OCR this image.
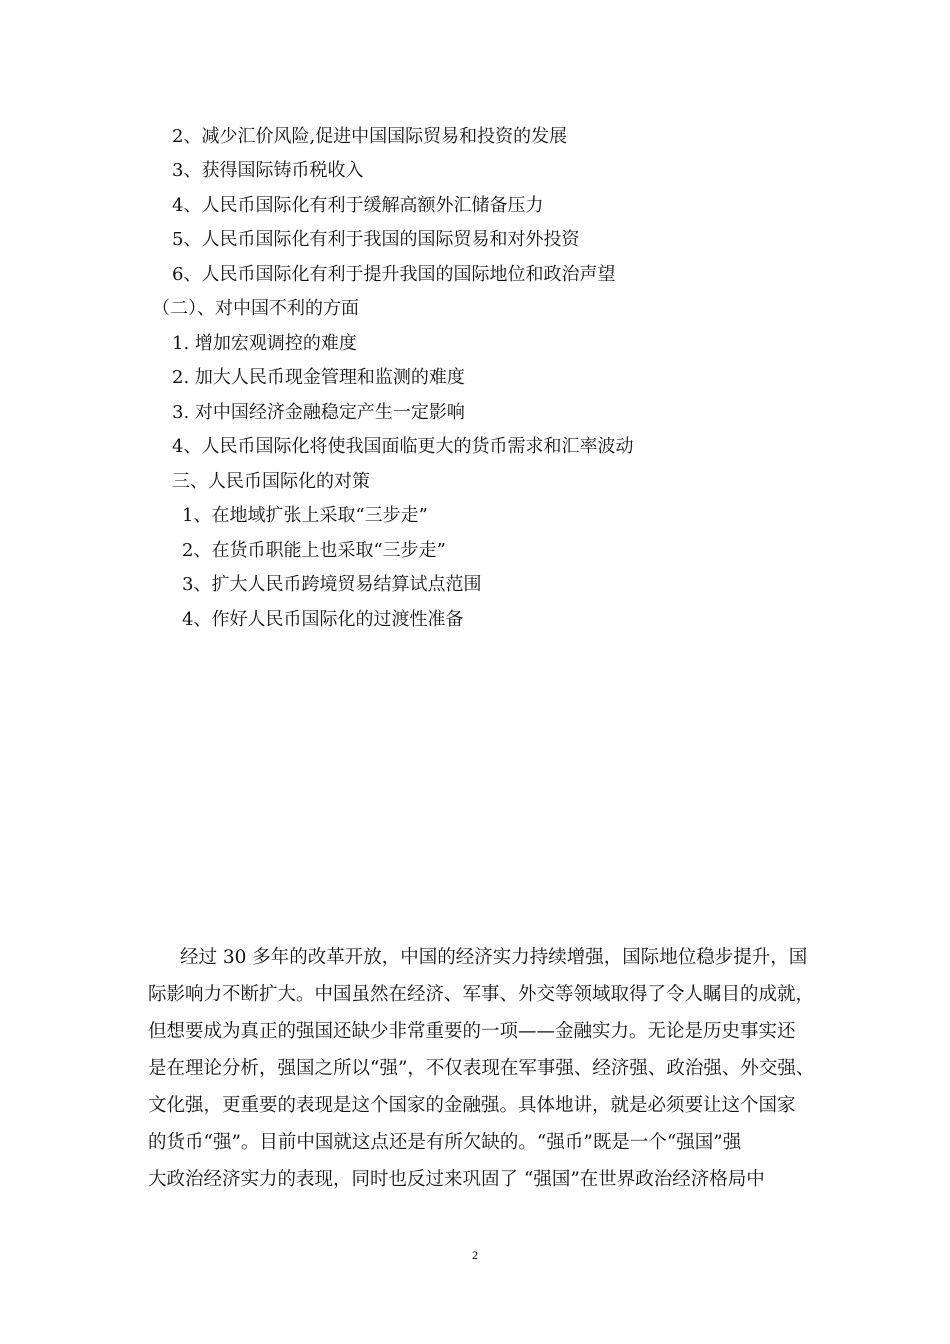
2、减少汇价风险,促进中国国际贸易和投资的发展
3、获得国际铸币税收入
4、人民币国际化有利于缓解高额外汇储备压力
5、人民币国际化有利于我国的国际贸易和对外投资
6、人民币国际化有利于提升我国的国际地位和政治声望
（二）、对中国不利的方面
1. 增加宏观调控的难度
2. 加大人民币现金管理和监测的难度
3. 对中国经济金融稳定产生一定影响
4、人民币国际化将使我国面临更大的货币需求和汇率波动
三、人民币国际化的对策
1、在地域扩张上采取“三步走”
2、在货币职能上也采取“三步走”
3、扩大人民币跨境贸易结算试点范围
4、作好人民币国际化的过渡性准备
经过 30 多年的改革开放，中国的经济实力持续增强，国际地位稳步提升，国
际影响力不断扩大。中国虽然在经济、军事、外交等领域取得了令人瞩目的成就，
但想要成为真正的强国还缺少非常重要的一项——金融实力。无论是历史事实还
是在理论分析，强国之所以“强”，不仅表现在军事强、经济强、政治强、外交强、
文化强，更重要的表现是这个国家的金融强。具体地讲，就是必须要让这个国家
的货币“强”。目前中国就这点还是有所欠缺的。“强币”既是一个“强国”强
大政治经济实力的表现，同时也反过来巩固了 “强国”在世界政治经济格局中
2
